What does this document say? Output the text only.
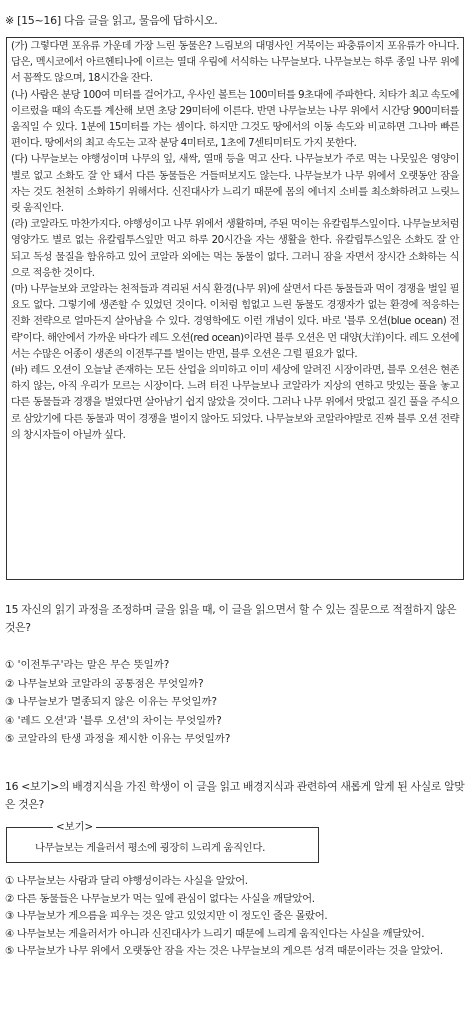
※ [15~16] 다음 글을 읽고, 물음에 답하시오.

(가) 그렇다면 포유류 가운데 가장 느린 동물은? 느림보의 대명사인 거북이는 파충류이지 포유류가 아니다. 답은, 멕시코에서 아르헨티나에 이르는 열대 우림에 서식하는 나무늘보다. 나무늘보는 하루 종일 나무 위에서 꼼짝도 않으며, 18시간을 잔다.

(나) 사람은 분당 100여 미터를 걸어가고, 우사인 볼트는 100미터를 9초대에 주파한다. 치타가 최고 속도에 이르렀을 때의 속도를 계산해 보면 초당 29미터에 이른다. 반면 나무늘보는 나무 위에서 시간당 900미터를 움직일 수 있다. 1분에 15미터를 가는 셈이다. 하지만 그것도 땅에서의 이동 속도와 비교하면 그나마 빠른 편이다. 땅에서의 최고 속도는 고작 분당 4미터로, 1초에 7센티미터도 가지 못한다.

(다) 나무늘보는 야행성이며 나무의 잎, 새싹, 열매 등을 먹고 산다. 나무늘보가 주로 먹는 나뭇잎은 영양이 별로 없고 소화도 잘 안 돼서 다른 동물들은 거들떠보지도 않는다. 나무늘보가 나무 위에서 오랫동안 잠을 자는 것도 천천히 소화하기 위해서다. 신진대사가 느리기 때문에 몸의 에너지 소비를 최소화하려고 느릿느릿 움직인다.

(라) 코알라도 마찬가지다. 야행성이고 나무 위에서 생활하며, 주된 먹이는 유칼립투스잎이다. 나무늘보처럼 영양가도 별로 없는 유칼립투스잎만 먹고 하루 20시간을 자는 생활을 한다. 유칼립투스잎은 소화도 잘 안 되고 독성 물질을 함유하고 있어 코알라 외에는 먹는 동물이 없다. 그러니 잠을 자면서 장시간 소화하는 식으로 적응한 것이다.

(마) 나무늘보와 코알라는 천적들과 격리된 서식 환경(나무 위)에 살면서 다른 동물들과 먹이 경쟁을 벌일 필요도 없다. 그렇기에 생존할 수 있었던 것이다. 이처럼 힘없고 느린 동물도 경쟁자가 없는 환경에 적응하는 진화 전략으로 얼마든지 살아남을 수 있다. 경영학에도 이런 개념이 있다. 바로 '블루 오션(blue ocean) 전략'이다. 해안에서 가까운 바다가 레드 오션(red ocean)이라면 블루 오션은 먼 대양(大洋)이다. 레드 오션에서는 수많은 어종이 생존의 이전투구를 벌이는 반면, 블루 오션은 그럴 필요가 없다.

(바) 레드 오션이 오늘날 존재하는 모든 산업을 의미하고 이미 세상에 알려진 시장이라면, 블루 오션은 현존하지 않는, 아직 우리가 모르는 시장이다. 느려 터진 나무늘보나 코알라가 지상의 연하고 맛있는 풀을 놓고 다른 동물들과 경쟁을 벌였다면 살아남기 쉽지 않았을 것이다. 그러나 나무 위에서 맛없고 질긴 풀을 주식으로 삼았기에 다른 동물과 먹이 경쟁을 벌이지 않아도 되었다. 나무늘보와 코알라야말로 진짜 블루 오션 전략의 창시자들이 아닐까 싶다.

15 자신의 읽기 과정을 조정하며 글을 읽을 때, 이 글을 읽으면서 할 수 있는 질문으로 적절하지 않은 것은?
① '이전투구'라는 말은 무슨 뜻일까?
② 나무늘보와 코알라의 공통점은 무엇일까?
③ 나무늘보가 멸종되지 않은 이유는 무엇일까?
④ '레드 오션'과 '블루 오션'의 차이는 무엇일까?
⑤ 코알라의 탄생 과정을 제시한 이유는 무엇일까?
16 <보기>의 배경지식을 가진 학생이 이 글을 읽고 배경지식과 관련하여 새롭게 알게 된 사실로 알맞은 것은?
<보기>
나무늘보는 게을러서 평소에 굉장히 느리게 움직인다.
① 나무늘보는 사람과 달리 야행성이라는 사실을 알았어.
② 다른 동물들은 나무늘보가 먹는 잎에 관심이 없다는 사실을 깨달았어.
③ 나무늘보가 게으름을 피우는 것은 알고 있었지만 이 정도인 줄은 몰랐어.
④ 나무늘보는 게을러서가 아니라 신진대사가 느리기 때문에 느리게 움직인다는 사실을 깨달았어.
⑤ 나무늘보가 나무 위에서 오랫동안 잠을 자는 것은 나무늘보의 게으른 성격 때문이라는 것을 알았어.
